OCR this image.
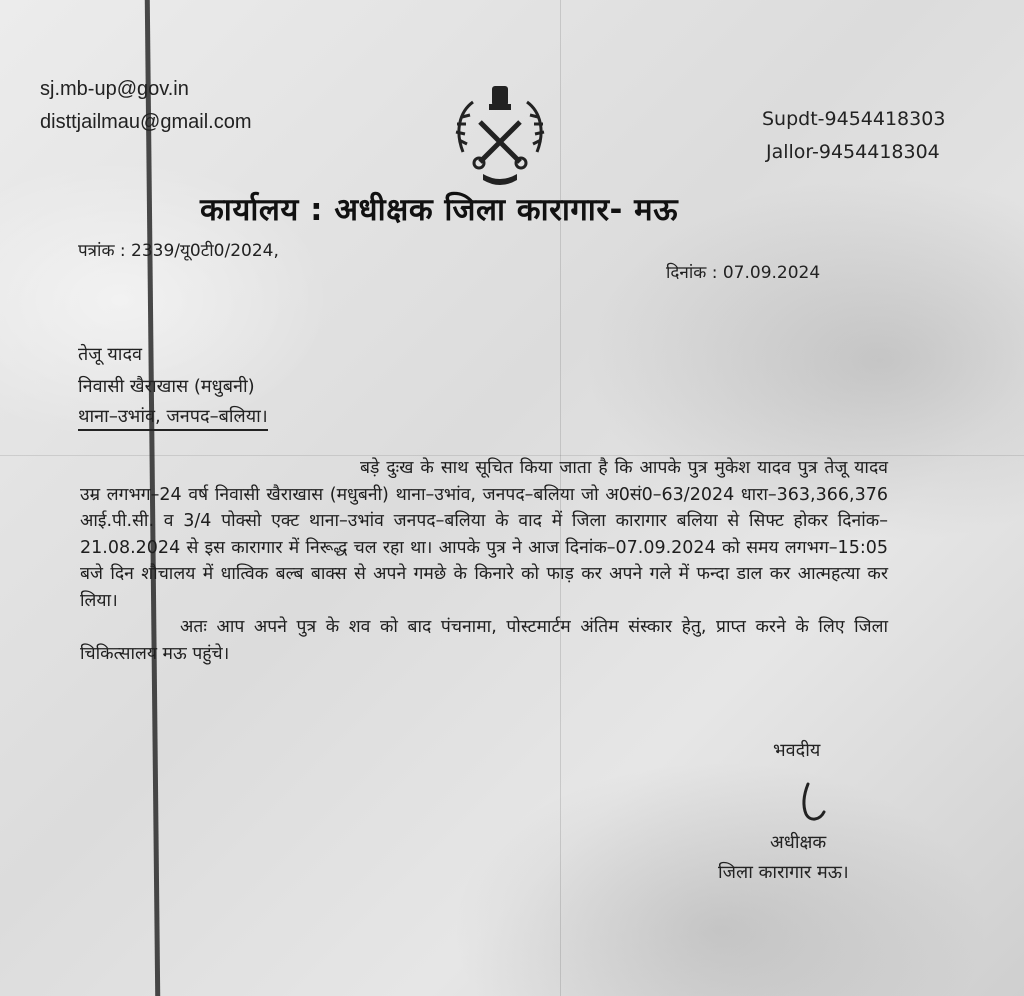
sj.mb-up@gov.in
disttjailmau@gmail.com	Supdt-9454418303
Jallor-9454418304
कार्यालय : अधीक्षक जिला कारागार- मऊ
पत्रांक : 2339/यू0टी0/2024,
दिनांक : 07.09.2024
तेजू यादव
निवासी खैराखास (मधुबनी)
थाना–उभांव, जनपद–बलिया।

बड़े दुःख के साथ सूचित किया जाता है कि आपके पुत्र मुकेश यादव पुत्र तेजू यादव उम्र लगभग–24 वर्ष निवासी खैराखास (मधुबनी) थाना–उभांव, जनपद–बलिया जो अ0सं0–63/2024 धारा–363,366,376 आई.पी.सी. व 3/4 पोक्सो एक्ट थाना–उभांव जनपद–बलिया के वाद में जिला कारागार बलिया से सिफ्ट होकर दिनांक–21.08.2024 से इस कारागार में निरूद्ध चल रहा था। आपके पुत्र ने आज दिनांक–07.09.2024 को समय लगभग–15:05 बजे दिन शौचालय में धात्विक बल्ब बाक्स से अपने गमछे के किनारे को फाड़ कर अपने गले में फन्दा डाल कर आत्महत्या कर लिया।

अतः आप अपने पुत्र के शव को बाद पंचनामा, पोस्टमार्टम अंतिम संस्कार हेतु, प्राप्त करने के लिए जिला चिकित्सालय मऊ पहुंचे।

भवदीय
अधीक्षक
जिला कारागार मऊ।
